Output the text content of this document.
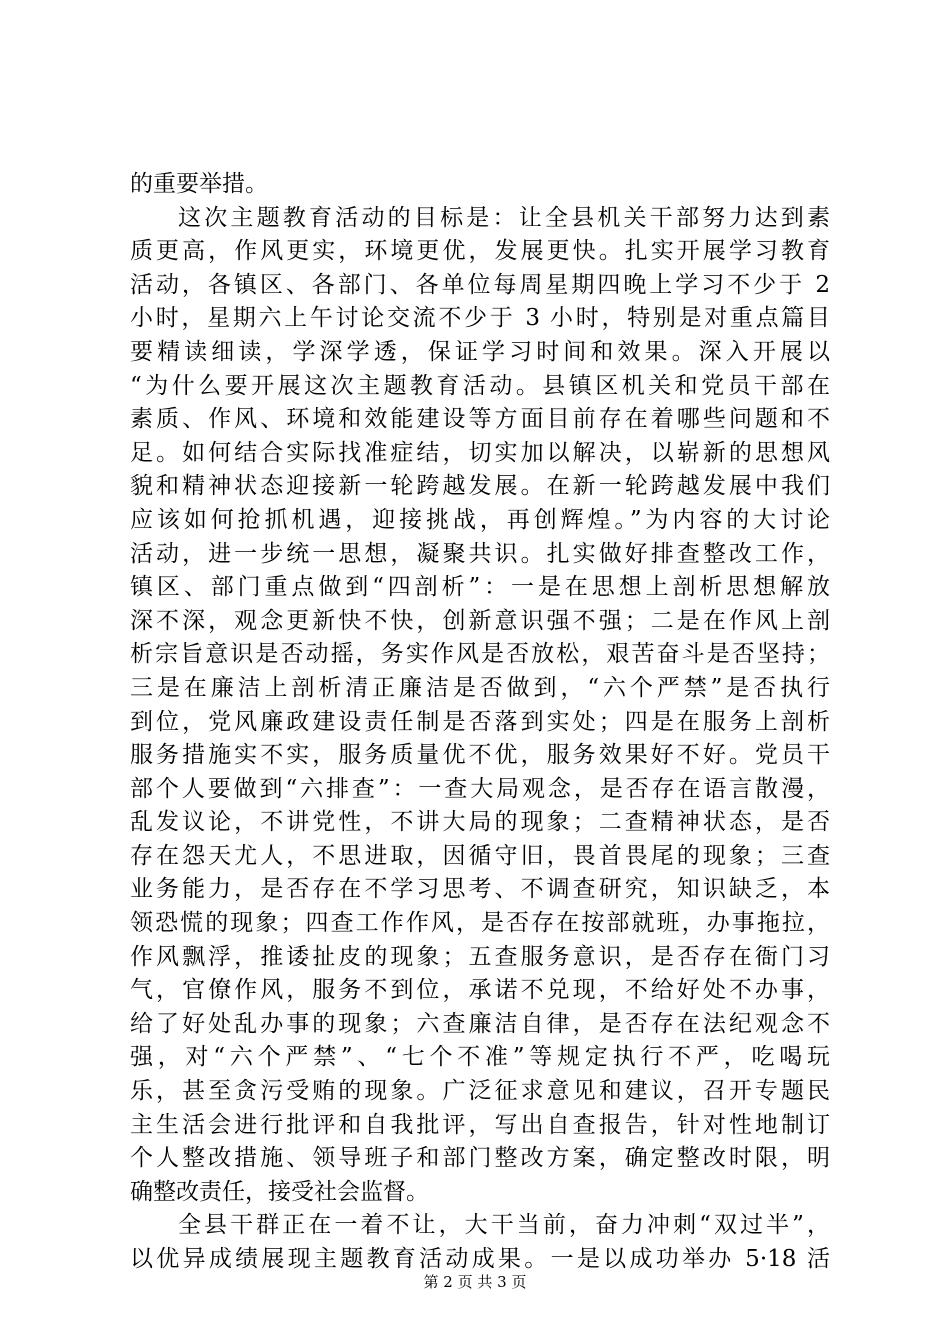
的重要举措。
这次主题教育活动的目标是：让全县机关干部努力达到素
质更高，作风更实，环境更优，发展更快。扎实开展学习教育
活动，各镇区、各部门、各单位每周星期四晚上学习不少于 2
小时，星期六上午讨论交流不少于 3 小时，特别是对重点篇目
要精读细读，学深学透，保证学习时间和效果。深入开展以
“为什么要开展这次主题教育活动。县镇区机关和党员干部在
素质、作风、环境和效能建设等方面目前存在着哪些问题和不
足。如何结合实际找准症结，切实加以解决，以崭新的思想风
貌和精神状态迎接新一轮跨越发展。在新一轮跨越发展中我们
应该如何抢抓机遇，迎接挑战，再创辉煌。”为内容的大讨论
活动，进一步统一思想，凝聚共识。扎实做好排查整改工作，
镇区、部门重点做到“四剖析”：一是在思想上剖析思想解放
深不深，观念更新快不快，创新意识强不强；二是在作风上剖
析宗旨意识是否动摇，务实作风是否放松，艰苦奋斗是否坚持；
三是在廉洁上剖析清正廉洁是否做到，“六个严禁”是否执行
到位，党风廉政建设责任制是否落到实处；四是在服务上剖析
服务措施实不实，服务质量优不优，服务效果好不好。党员干
部个人要做到“六排查”：一查大局观念，是否存在语言散漫，
乱发议论，不讲党性，不讲大局的现象；二查精神状态，是否
存在怨天尤人，不思进取，因循守旧，畏首畏尾的现象；三查
业务能力，是否存在不学习思考、不调查研究，知识缺乏，本
领恐慌的现象；四查工作作风，是否存在按部就班，办事拖拉，
作风飘浮，推诿扯皮的现象；五查服务意识，是否存在衙门习
气，官僚作风，服务不到位，承诺不兑现，不给好处不办事，
给了好处乱办事的现象；六查廉洁自律，是否存在法纪观念不
强，对“六个严禁”、“七个不准”等规定执行不严，吃喝玩
乐，甚至贪污受贿的现象。广泛征求意见和建议，召开专题民
主生活会进行批评和自我批评，写出自查报告，针对性地制订
个人整改措施、领导班子和部门整改方案，确定整改时限，明
确整改责任，接受社会监督。
全县干群正在一着不让，大干当前，奋力冲刺“双过半”，
以优异成绩展现主题教育活动成果。一是以成功举办 5·18 活
第 2 页 共 3 页
